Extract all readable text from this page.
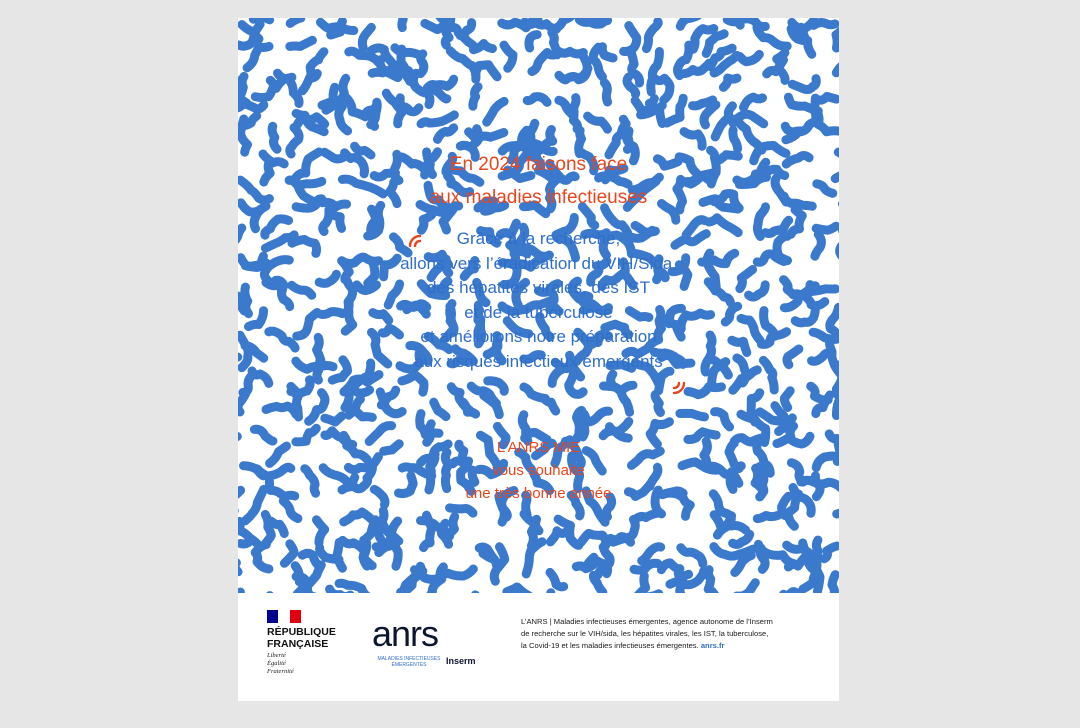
En 2024 faisons face
aux maladies infectieuses
Grâce à la recherche,
allons vers l’éradication du VIH/Sida,
des hépatites virales, des IST
et de la tuberculose
et améliorons notre préparation
aux risques infectieux émergents
L’ANRS MIE
vous souhaite
une très bonne année
RÉPUBLIQUE
FRANÇAISE
Liberté
Égalité
Fraternité
anrs
MALADIES INFECTIEUSES
ÉMERGENTES	Inserm
L’ANRS | Maladies infectieuses émergentes, agence autonome de l’Inserm
de recherche sur le VIH/sida, les hépatites virales, les IST, la tuberculose,
la Covid-19 et les maladies infectieuses émergentes. anrs.fr
